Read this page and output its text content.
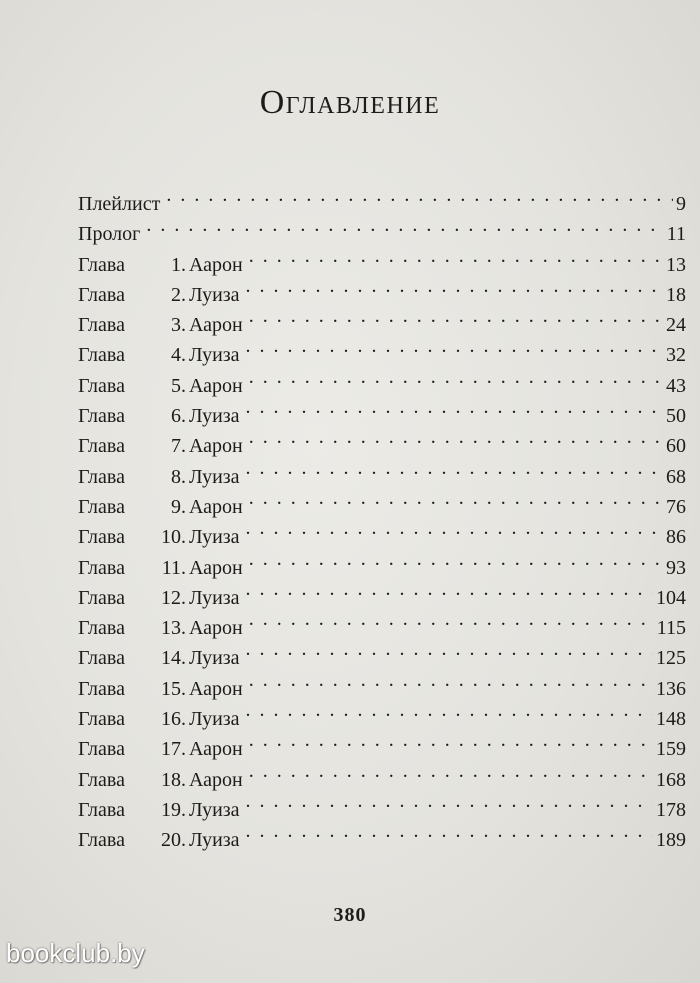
Оглавление
Плейлист . . .	9
Пролог . . .	11
Глава	1. Аарон . . .	13
Глава	2. Луиза . . .	18
Глава	3. Аарон . . .	24
Глава	4. Луиза . . .	32
Глава	5. Аарон . . .	43
Глава	6. Луиза . . .	50
Глава	7. Аарон . . .	60
Глава	8. Луиза . . .	68
Глава	9. Аарон . . .	76
Глава	10. Луиза . . .	86
Глава	11. Аарон . . .	93
Глава	12. Луиза . . .	104
Глава	13. Аарон . . .	115
Глава	14. Луиза . . .	125
Глава	15. Аарон . . .	136
Глава	16. Луиза . . .	148
Глава	17. Аарон . . .	159
Глава	18. Аарон . . .	168
Глава	19. Луиза . . .	178
Глава	20. Луиза . . .	189
380
bookclub.by
